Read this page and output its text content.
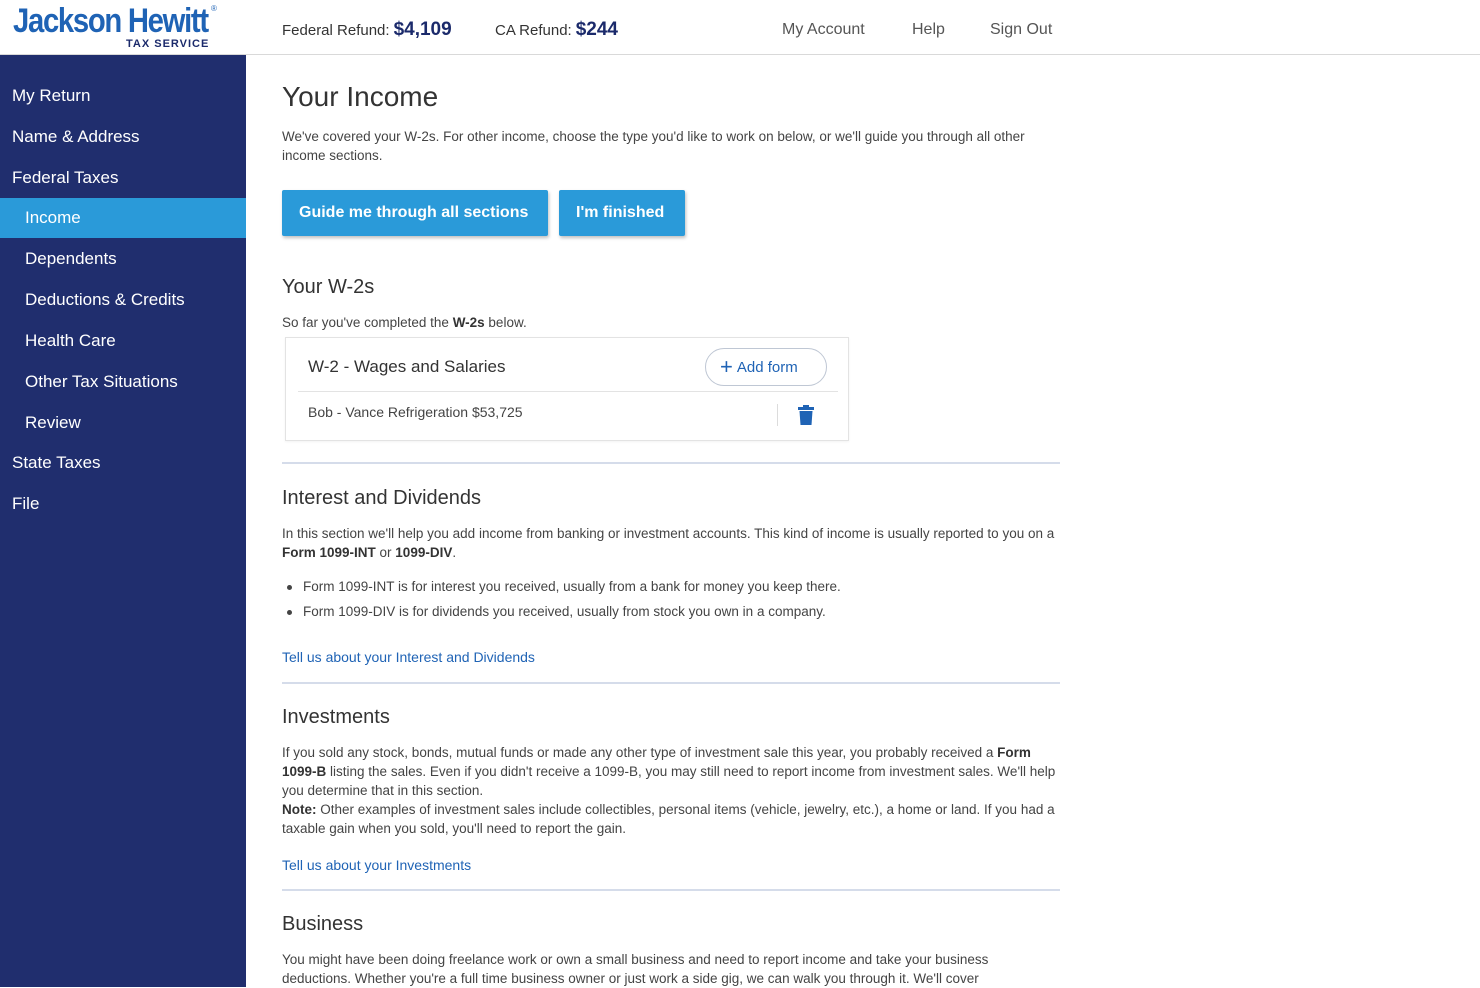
Jackson Hewitt ®
TAX SERVICE
Federal Refund: $4,109	CA Refund: $244	My Account	Help	Sign Out
My Return
Name & Address
Federal Taxes
Income
Dependents
Deductions & Credits
Health Care
Other Tax Situations
Review
State Taxes
File
Your Income
We've covered your W-2s. For other income, choose the type you'd like to work on below, or we'll guide you through all other income sections.
Guide me through all sections	I'm finished
Your W-2s
So far you've completed the W-2s below.
W-2 - Wages and Salaries	+ Add form
Bob - Vance Refrigeration $53,725
Interest and Dividends
In this section we'll help you add income from banking or investment accounts. This kind of income is usually reported to you on a Form 1099-INT or 1099-DIV.
Form 1099-INT is for interest you received, usually from a bank for money you keep there.
Form 1099-DIV is for dividends you received, usually from stock you own in a company.
Tell us about your Interest and Dividends
Investments
If you sold any stock, bonds, mutual funds or made any other type of investment sale this year, you probably received a Form 1099-B listing the sales. Even if you didn't receive a 1099-B, you may still need to report income from investment sales. We'll help you determine that in this section.
Note: Other examples of investment sales include collectibles, personal items (vehicle, jewelry, etc.), a home or land. If you had a taxable gain when you sold, you'll need to report the gain.
Tell us about your Investments
Business
You might have been doing freelance work or own a small business and need to report income and take your business deductions. Whether you're a full time business owner or just work a side gig, we can walk you through it. We'll cover
